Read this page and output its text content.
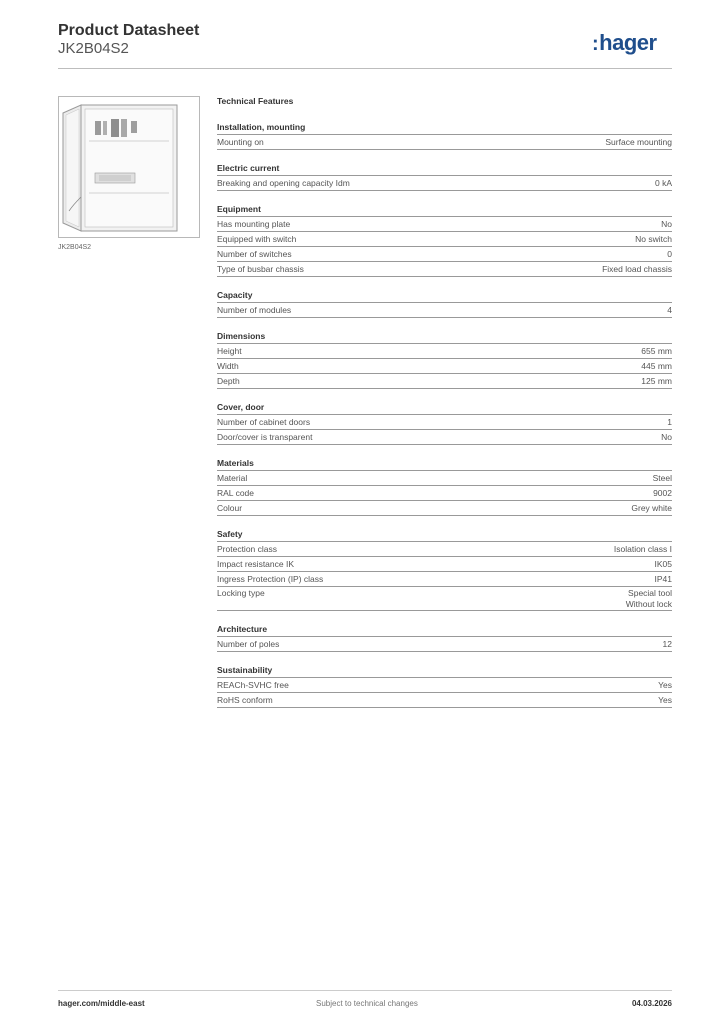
Product Datasheet
JK2B04S2	:hager
JK2B04S2
Technical Features
Installation, mounting
Mounting on	Surface mounting
Electric current
Breaking and opening capacity Idm	0 kA
Equipment
Has mounting plate	No
Equipped with switch	No switch
Number of switches	0
Type of busbar chassis	Fixed load chassis
Capacity
Number of modules	4
Dimensions
Height	655 mm
Width	445 mm
Depth	125 mm
Cover, door
Number of cabinet doors	1
Door/cover is transparent	No
Materials
Material	Steel
RAL code	9002
Colour	Grey white
Safety
Protection class	Isolation class I
Impact resistance IK	IK05
Ingress Protection (IP) class	IP41
Locking type	Special tool
Without lock
Architecture
Number of poles	12
Sustainability
REACh-SVHC free	Yes
RoHS conform	Yes
hager.com/middle-east	Subject to technical changes	04.03.2026
